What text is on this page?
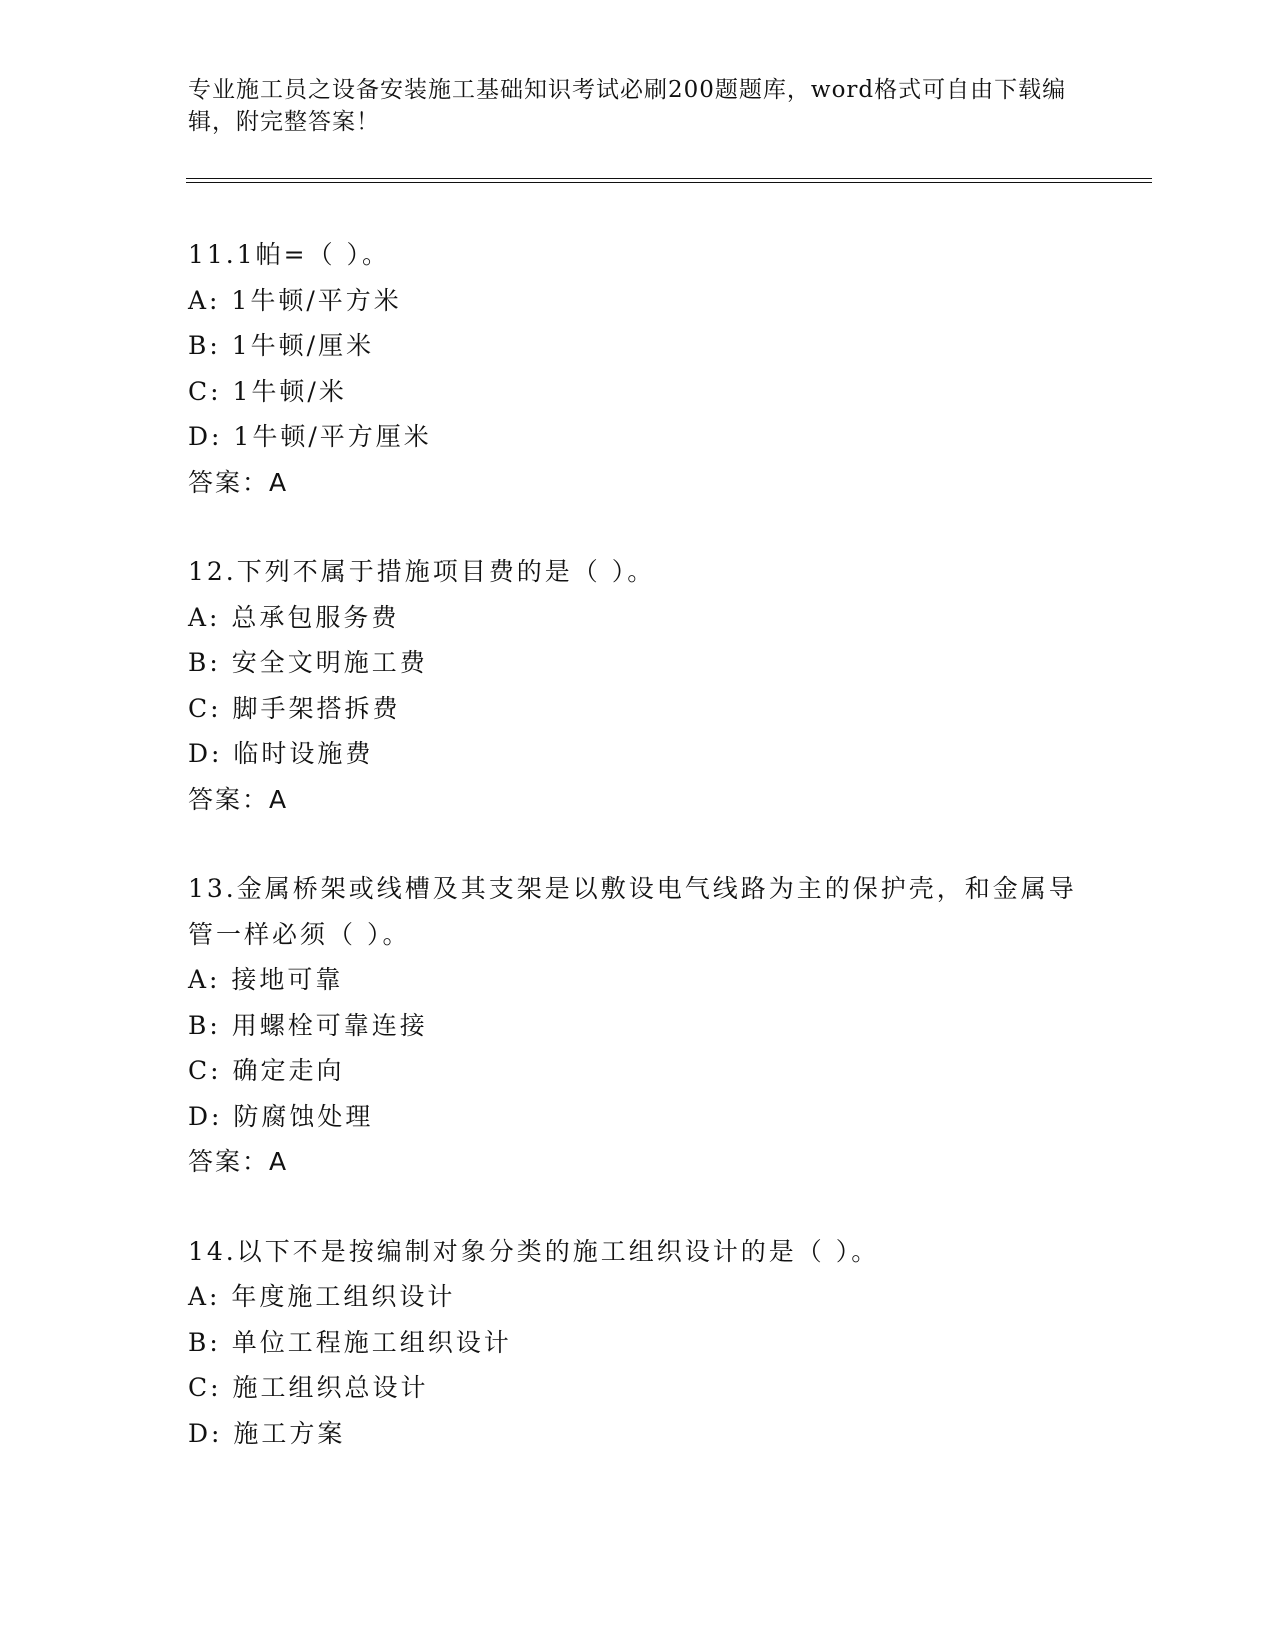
专业施工员之设备安装施工基础知识考试必刷200题题库，word格式可自由下载编辑，附完整答案！
11.1帕=（ ）。
A: 1牛顿/平方米
B: 1牛顿/厘米
C: 1牛顿/米
D: 1牛顿/平方厘米
答案：A
12.下列不属于措施项目费的是（ ）。
A: 总承包服务费
B: 安全文明施工费
C: 脚手架搭拆费
D: 临时设施费
答案：A
13.金属桥架或线槽及其支架是以敷设电气线路为主的保护壳，和金属导管一样必须（ ）。
A: 接地可靠
B: 用螺栓可靠连接
C: 确定走向
D: 防腐蚀处理
答案：A
14.以下不是按编制对象分类的施工组织设计的是（ ）。
A: 年度施工组织设计
B: 单位工程施工组织设计
C: 施工组织总设计
D: 施工方案
